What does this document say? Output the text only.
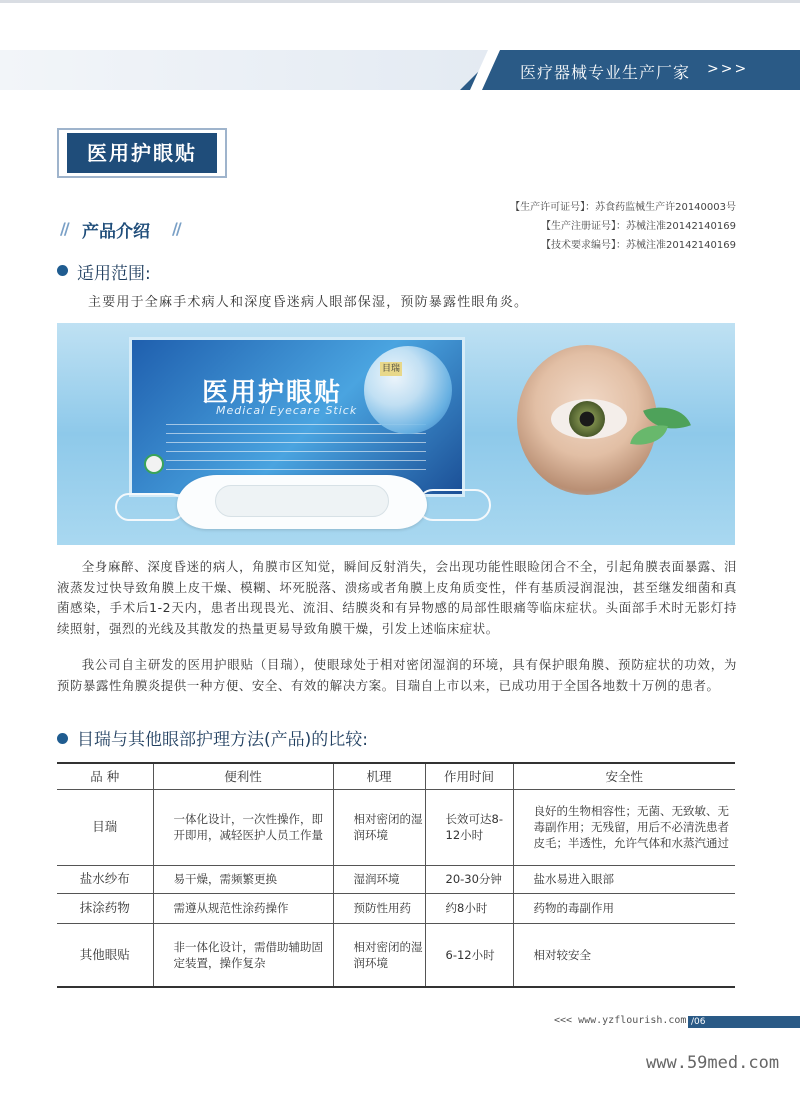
医疗器械专业生产厂家 >>>
医用护眼贴
// 产品介绍 //
【生产许可证号】：苏食药监械生产许20140003号
【生产注册证号】：苏械注准20142140169
【技术要求编号】：苏械注准20142140169
适用范围:
主要用于全麻手术病人和深度昏迷病人眼部保湿，预防暴露性眼角炎。
医用护眼贴
目瑞
Medical Eyecare Stick

全身麻醉、深度昏迷的病人，角膜市区知觉，瞬间反射消失，会出现功能性眼睑闭合不全，引起角膜表面暴露、泪液蒸发过快导致角膜上皮干燥、模糊、坏死脱落、溃疡或者角膜上皮角质变性，伴有基质浸润混浊，甚至继发细菌和真菌感染，手术后1-2天内，患者出现畏光、流泪、结膜炎和有异物感的局部性眼痛等临床症状。头面部手术时无影灯持续照射，强烈的光线及其散发的热量更易导致角膜干燥，引发上述临床症状。

我公司自主研发的医用护眼贴（目瑞），使眼球处于相对密闭湿润的环境，具有保护眼角膜、预防症状的功效，为预防暴露性角膜炎提供一种方便、安全、有效的解决方案。目瑞自上市以来，已成功用于全国各地数十万例的患者。

目瑞与其他眼部护理方法(产品)的比较:
品 种	便利性	机理	作用时间	安全性
目瑞	一体化设计，一次性操作，即开即用，减轻医护人员工作量	相对密闭的湿润环境	长效可达8-12小时	良好的生物相容性；无菌、无致敏、无毒副作用；无残留，用后不必清洗患者皮毛；半透性，允许气体和水蒸汽通过
盐水纱布	易干燥，需频繁更换	湿润环境	20-30分钟	盐水易进入眼部
抹涂药物	需遵从规范性涂药操作	预防性用药	约8小时	药物的毒副作用
其他眼贴	非一体化设计，需借助辅助固定装置，操作复杂	相对密闭的湿润环境	6-12小时	相对较安全
<<< www.yzflourish.com /06
www.59med.com
